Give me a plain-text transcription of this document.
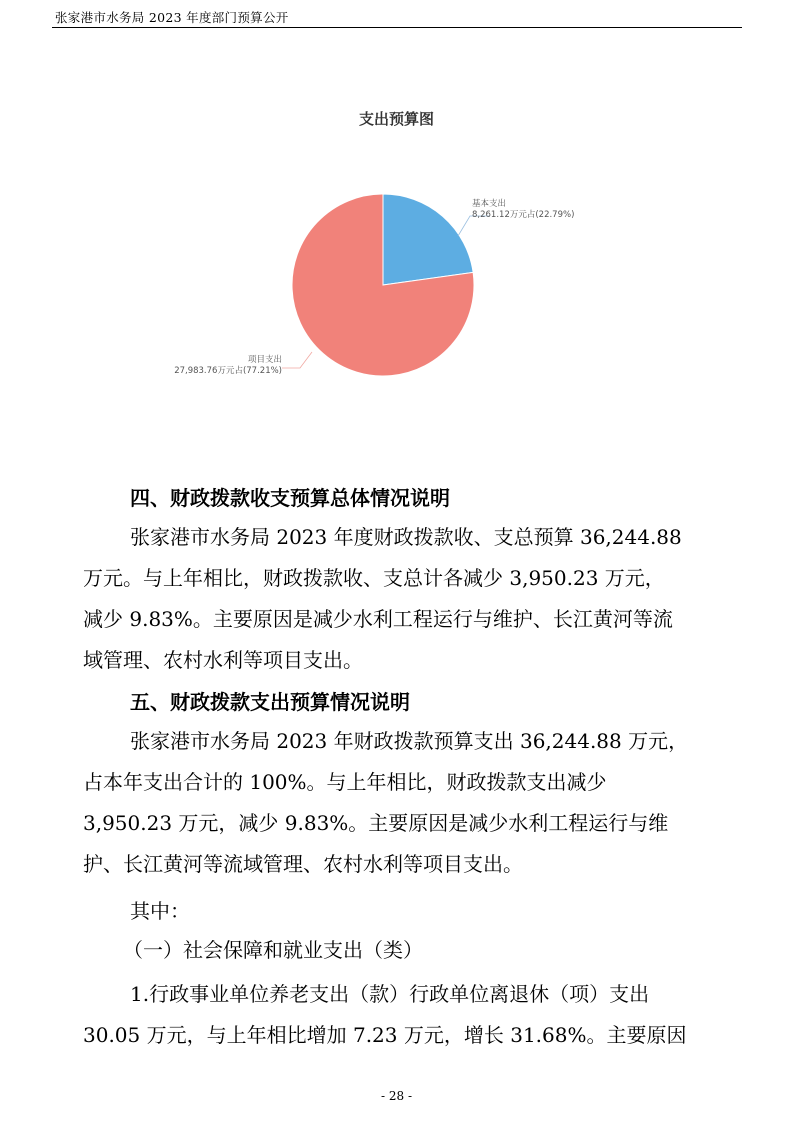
张家港市水务局 2023 年度部门预算公开
支出预算图
基本支出
8,261.12万元占(22.79%)
项目支出
27,983.76万元占(77.21%)
四、财政拨款收支预算总体情况说明
张家港市水务局 2023 年度财政拨款收、支总预算 36,244.88
万元。与上年相比，财政拨款收、支总计各减少 3,950.23 万元，
减少 9.83%。主要原因是减少水利工程运行与维护、长江黄河等流
域管理、农村水利等项目支出。
五、财政拨款支出预算情况说明
张家港市水务局 2023 年财政拨款预算支出 36,244.88 万元，
占本年支出合计的 100%。与上年相比，财政拨款支出减少
3,950.23 万元，减少 9.83%。主要原因是减少水利工程运行与维
护、长江黄河等流域管理、农村水利等项目支出。
其中：
（一）社会保障和就业支出（类）
1.行政事业单位养老支出（款）行政单位离退休（项）支出
30.05 万元，与上年相比增加 7.23 万元，增长 31.68%。主要原因
- 28 -
